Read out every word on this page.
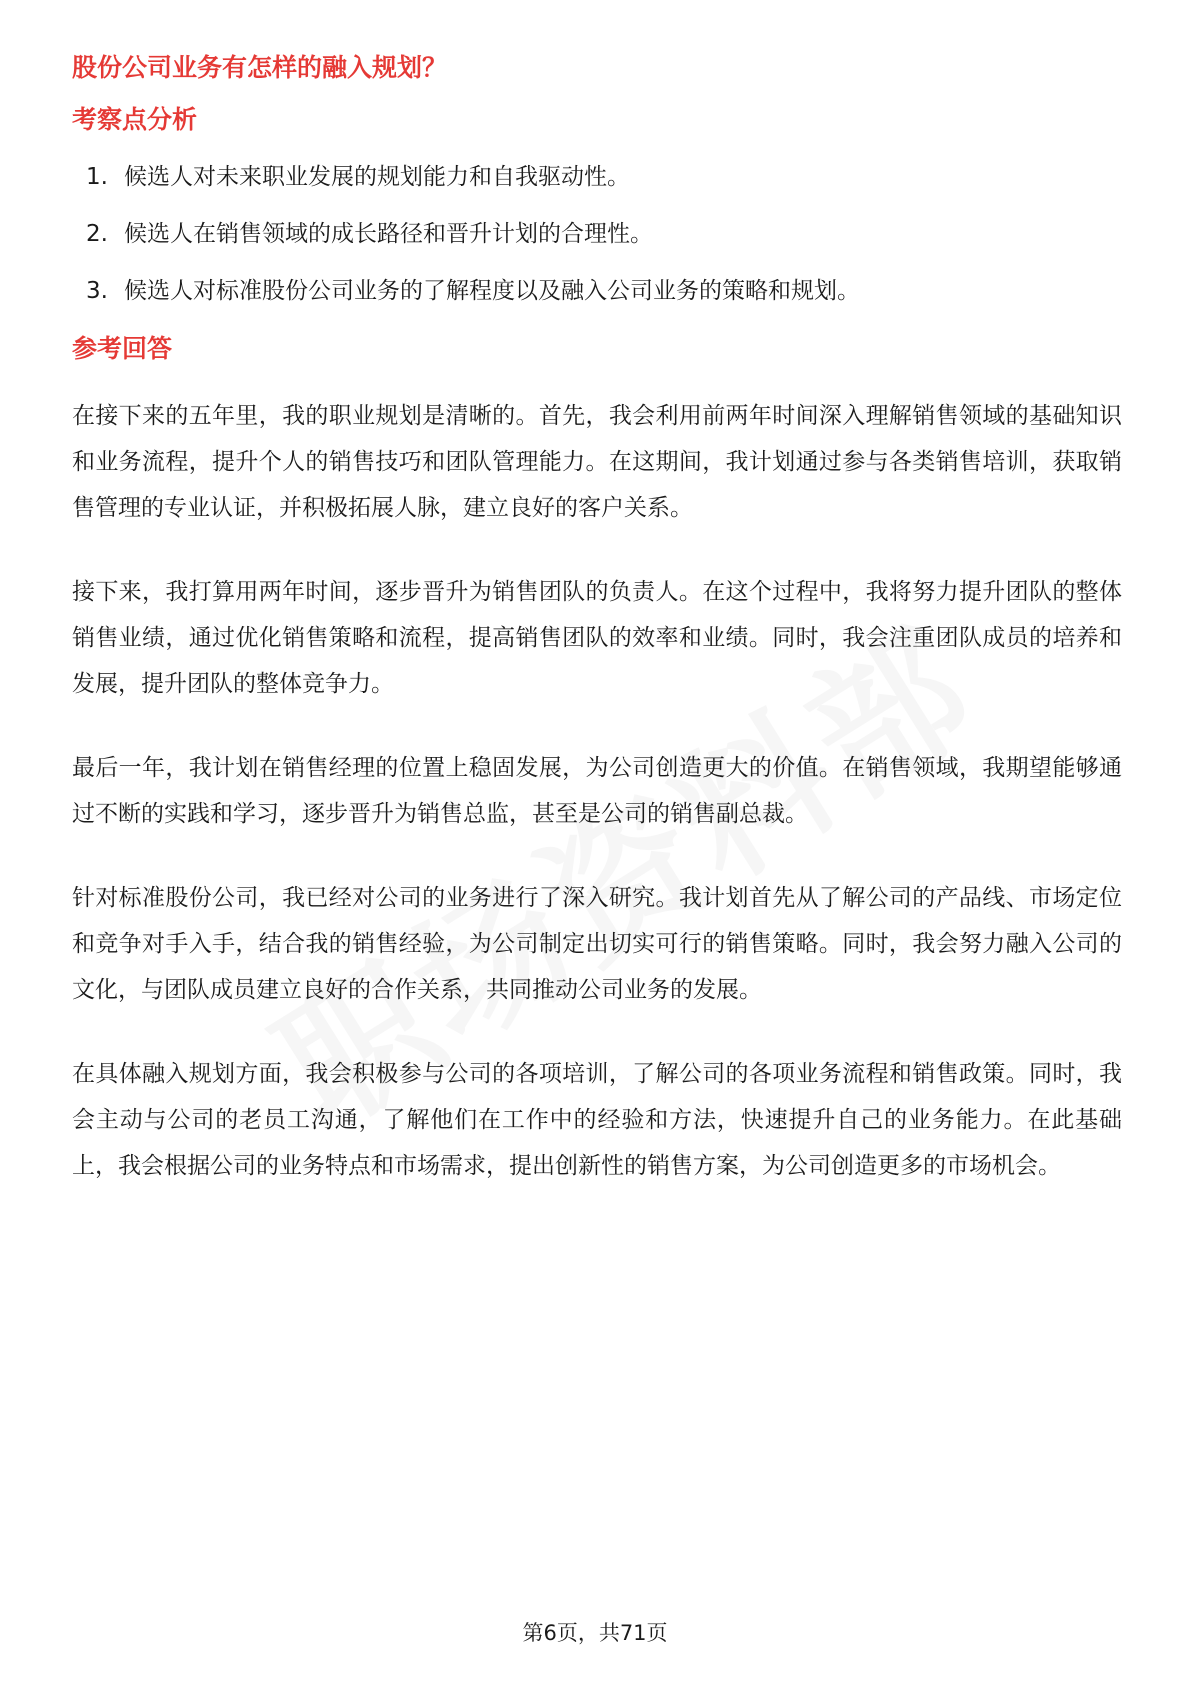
股份公司业务有怎样的融入规划？
考察点分析
1. 候选人对未来职业发展的规划能力和自我驱动性。
2. 候选人在销售领域的成长路径和晋升计划的合理性。
3. 候选人对标准股份公司业务的了解程度以及融入公司业务的策略和规划。
参考回答

在接下来的五年里，我的职业规划是清晰的。首先，我会利用前两年时间深入理解销售领域的基础知识和业务流程，提升个人的销售技巧和团队管理能力。在这期间，我计划通过参与各类销售培训，获取销售管理的专业认证，并积极拓展人脉，建立良好的客户关系。

接下来，我打算用两年时间，逐步晋升为销售团队的负责人。在这个过程中，我将努力提升团队的整体销售业绩，通过优化销售策略和流程，提高销售团队的效率和业绩。同时，我会注重团队成员的培养和发展，提升团队的整体竞争力。

最后一年，我计划在销售经理的位置上稳固发展，为公司创造更大的价值。在销售领域，我期望能够通过不断的实践和学习，逐步晋升为销售总监，甚至是公司的销售副总裁。

针对标准股份公司，我已经对公司的业务进行了深入研究。我计划首先从了解公司的产品线、市场定位和竞争对手入手，结合我的销售经验，为公司制定出切实可行的销售策略。同时，我会努力融入公司的文化，与团队成员建立良好的合作关系，共同推动公司业务的发展。

在具体融入规划方面，我会积极参与公司的各项培训，了解公司的各项业务流程和销售政策。同时，我会主动与公司的老员工沟通，了解他们在工作中的经验和方法，快速提升自己的业务能力。在此基础上，我会根据公司的业务特点和市场需求，提出创新性的销售方案，为公司创造更多的市场机会。

第6页，共71页
